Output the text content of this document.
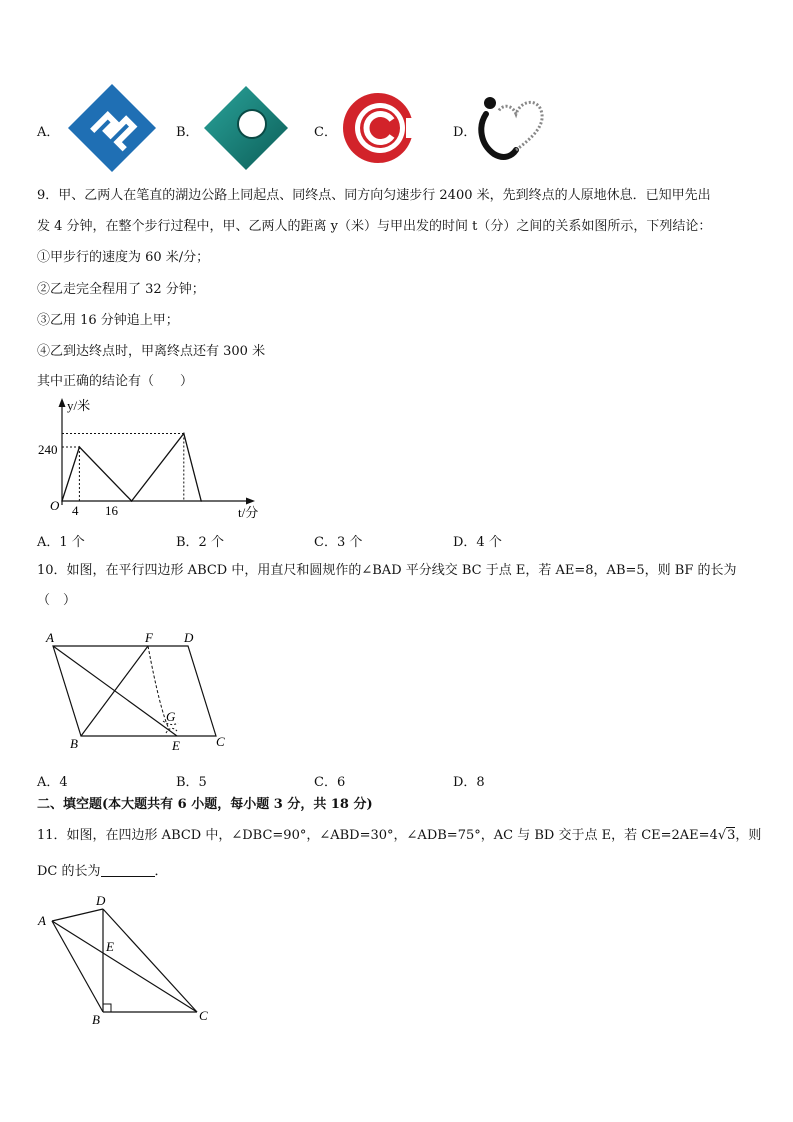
A．	B．	C．	D．
9．甲、乙两人在笔直的湖边公路上同起点、同终点、同方向匀速步行 2400 米，先到终点的人原地休息．已知甲先出
发 4 分钟，在整个步行过程中，甲、乙两人的距离 y（米）与甲出发的时间 t（分）之间的关系如图所示，下列结论：
①甲步行的速度为 60 米/分；
②乙走完全程用了 32 分钟；
③乙用 16 分钟追上甲；
④乙到达终点时，甲离终点还有 300 米
其中正确的结论有（　　）
y/米
t/分
O
240
4 16
A．1 个	B．2 个	C．3 个	D．4 个
10．如图，在平行四边形 ABCD 中，用直尺和圆规作的∠BAD 平分线交 BC 于点 E，若 AE=8，AB=5，则 BF 的长为
（　）
A	F D
B
G
E	C
A．4	B．5	C．6	D．8
二、填空题(本大题共有 6 小题，每小题 3 分，共 18 分)
11．如图，在四边形 ABCD 中，∠DBC=90°，∠ABD=30°，∠ADB=75°，AC 与 BD 交于点 E，若 CE=2AE=4√3，则
DC 的长为	．
D
A
E
B	C
